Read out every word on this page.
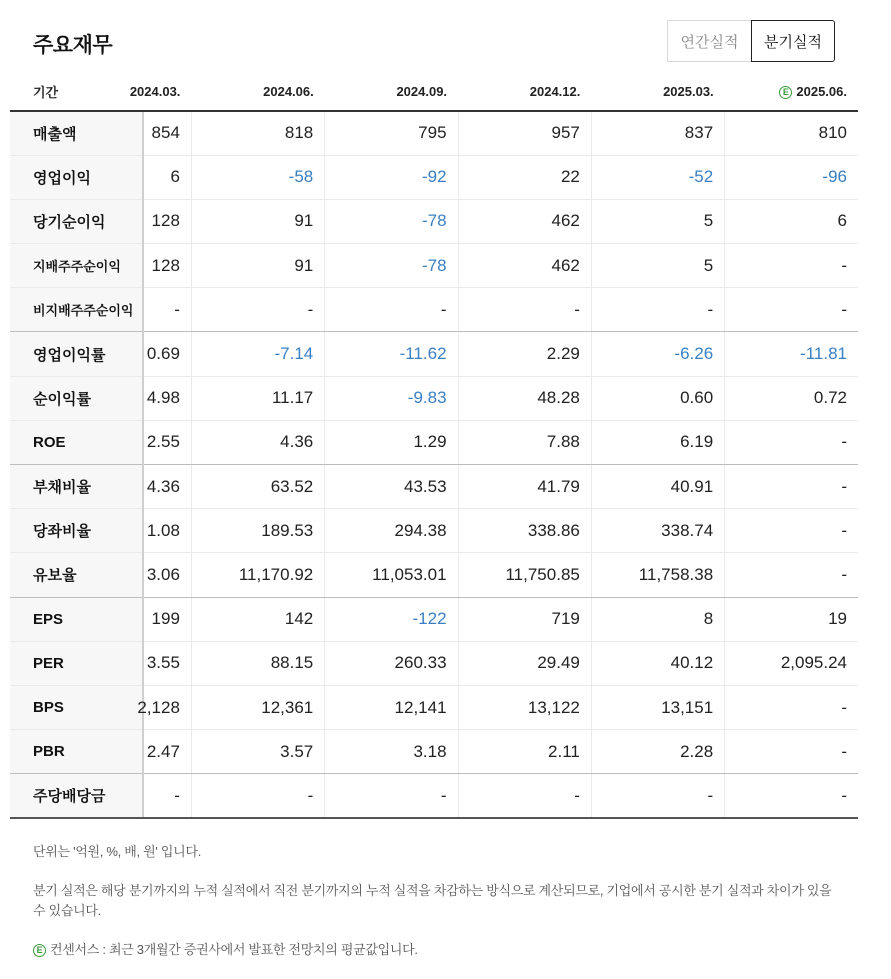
주요재무	연간실적	분기실적
기간	2024.03.	2024.06.	2024.09.	2024.12.	2025.03.	E 2025.06.
매출액	854	818	795	957	837	810
영업이익	6	-58	-92	22	-52	-96
당기순이익	128	91	-78	462	5	6
지배주주순이익	128	91	-78	462	5	-
비지배주주순이익	-	-	-	-	-	-
영업이익률	0.69	-7.14	-11.62	2.29	-6.26	-11.81
순이익률	4.98	11.17	-9.83	48.28	0.60	0.72
ROE	2.55	4.36	1.29	7.88	6.19	-
부채비율	4.36	63.52	43.53	41.79	40.91	-
당좌비율	1.08	189.53	294.38	338.86	338.74	-
유보율	3.06	11,170.92	11,053.01	11,750.85	11,758.38	-
EPS	199	142	-122	719	8	19
PER	3.55	88.15	260.33	29.49	40.12	2,095.24
BPS	2,128	12,361	12,141	13,122	13,151	-
PBR	2.47	3.57	3.18	2.11	2.28	-
주당배당금	-	-	-	-	-	-

단위는 '억원, %, 배, 원' 입니다.

분기 실적은 해당 분기까지의 누적 실적에서 직전 분기까지의 누적 실적을 차감하는 방식으로 계산되므로, 기업에서 공시한 분기 실적과 차이가 있을 수 있습니다.

E 컨센서스 : 최근 3개월간 증권사에서 발표한 전망치의 평균값입니다.
